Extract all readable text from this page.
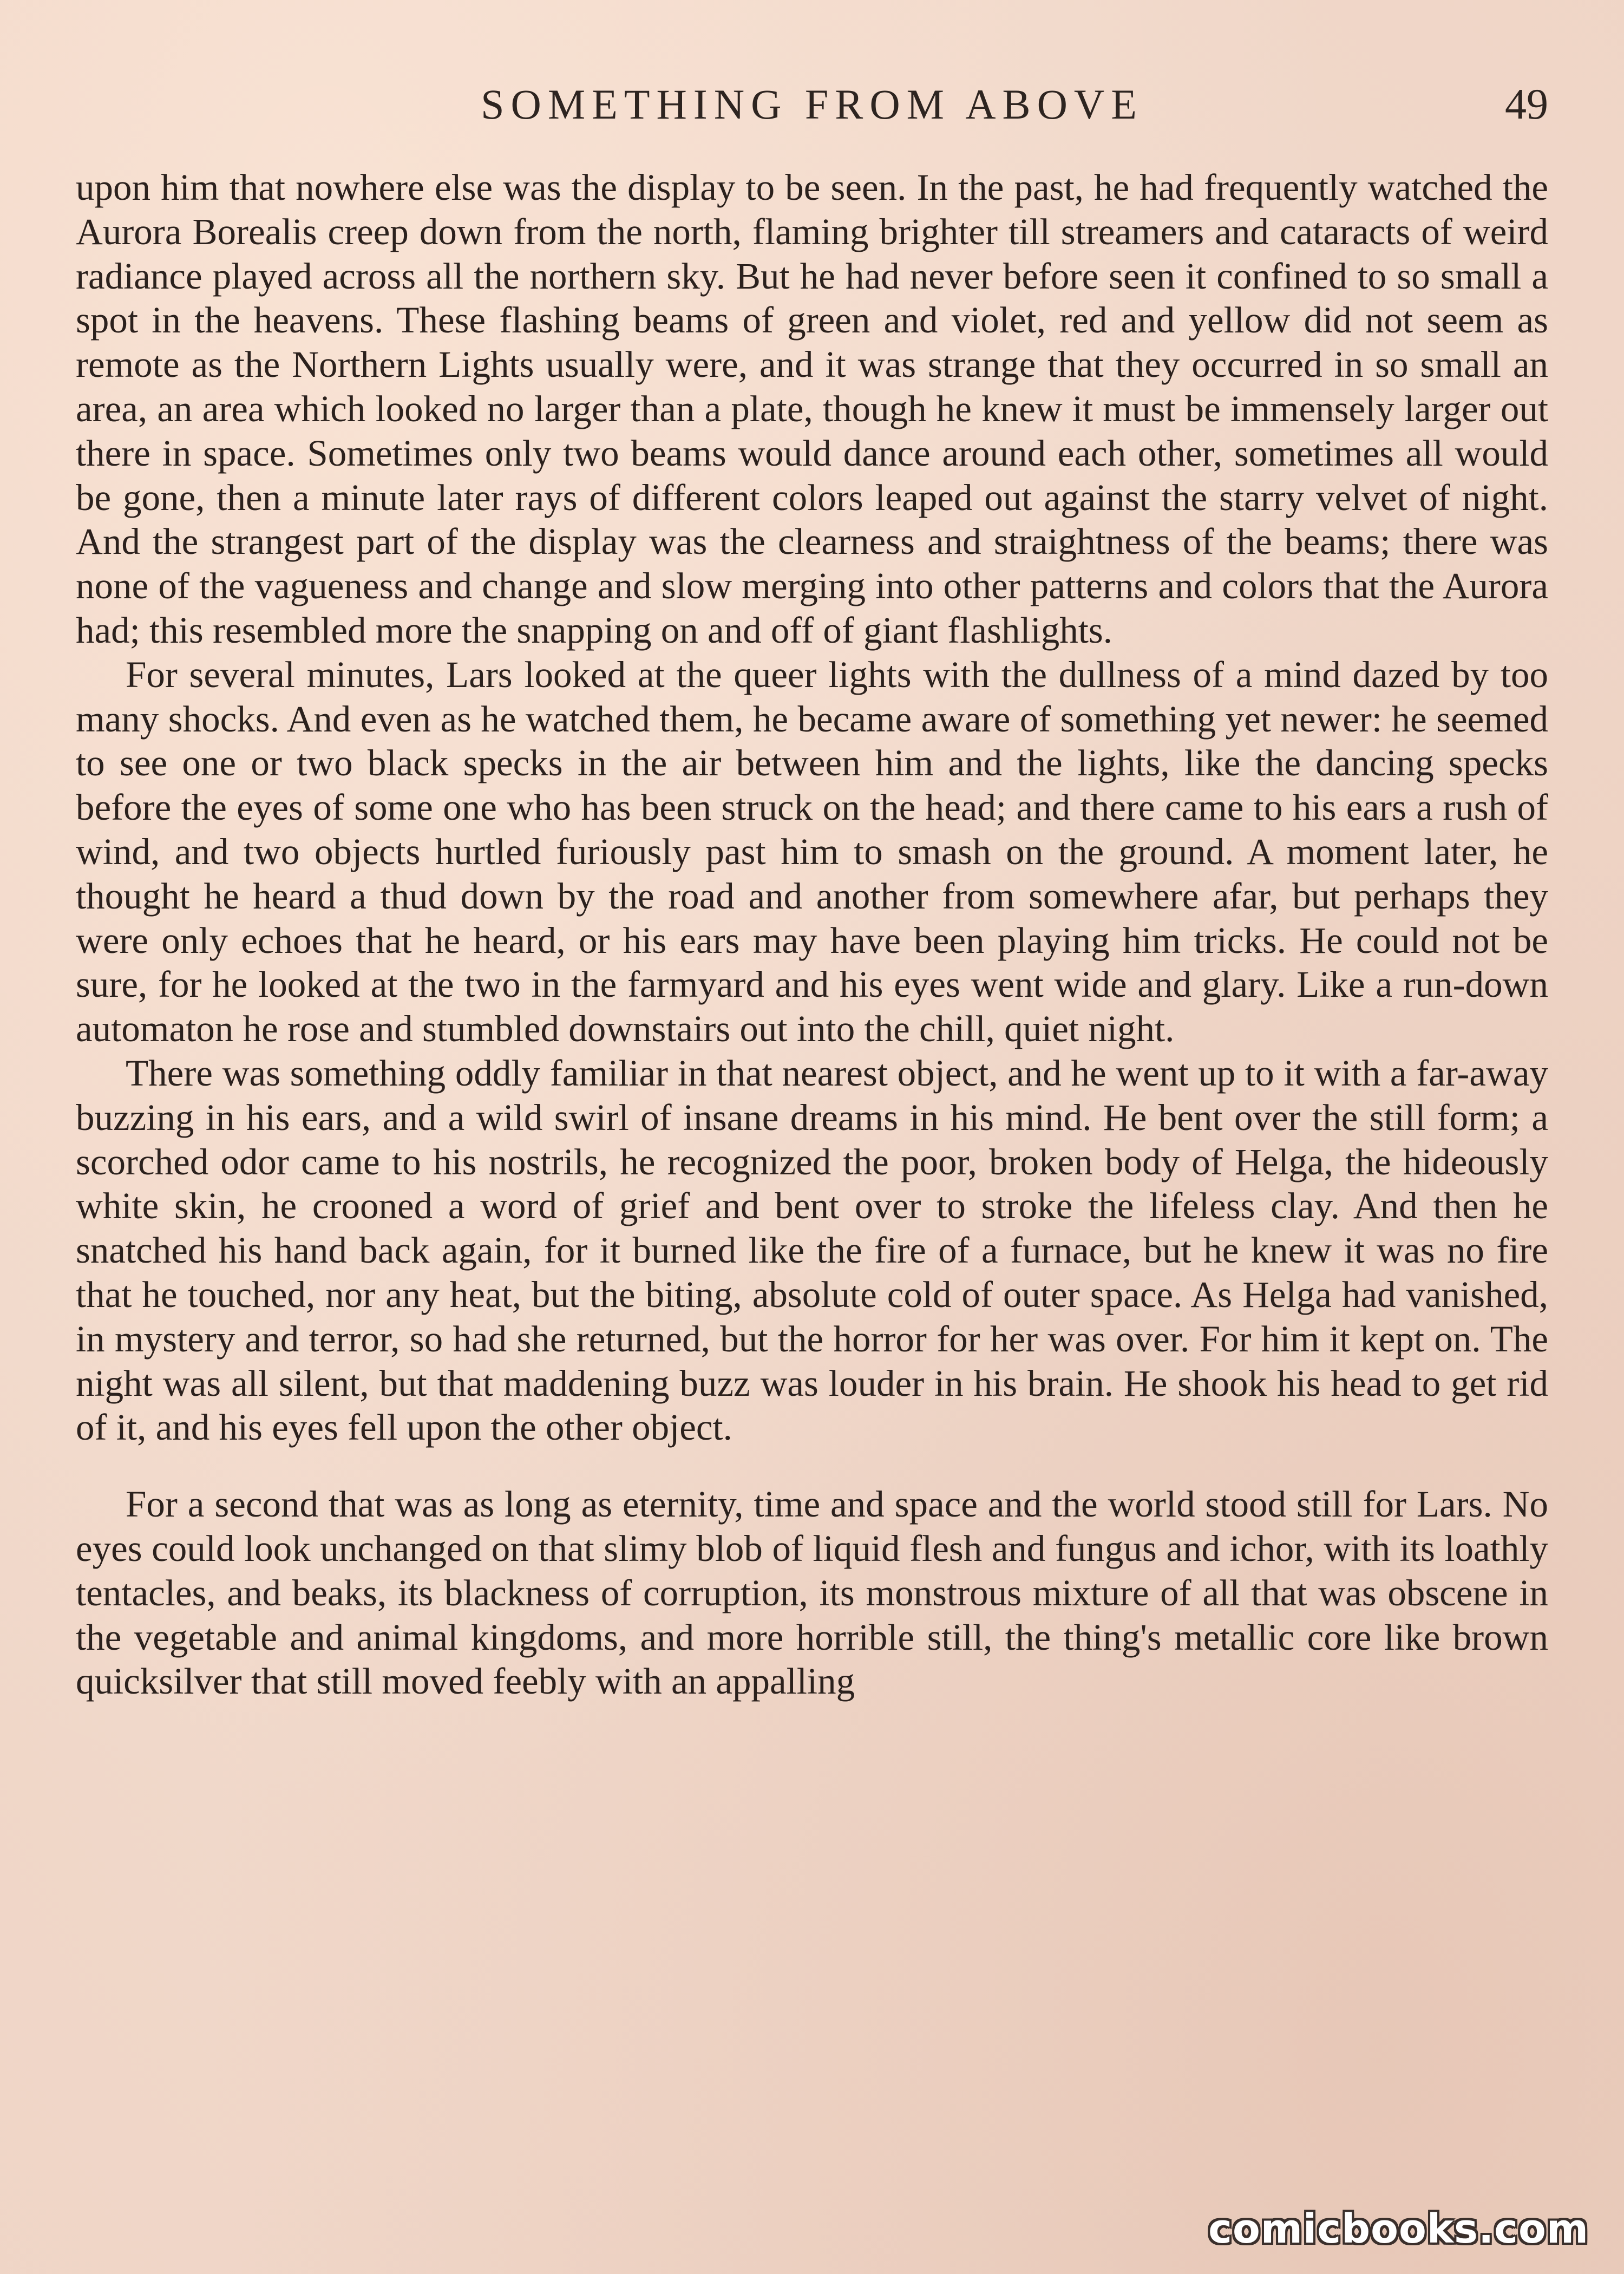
SOMETHING FROM ABOVE	49

upon him that nowhere else was the display to be seen. In the past, he had frequently watched the Aurora Borealis creep down from the north, flaming brighter till streamers and cataracts of weird radiance played across all the northern sky. But he had never before seen it confined to so small a spot in the heavens. These flashing beams of green and violet, red and yellow did not seem as remote as the Northern Lights usually were, and it was strange that they occurred in so small an area, an area which looked no larger than a plate, though he knew it must be immensely larger out there in space. Sometimes only two beams would dance around each other, sometimes all would be gone, then a minute later rays of different colors leaped out against the starry velvet of night. And the strangest part of the display was the clearness and straightness of the beams; there was none of the vagueness and change and slow merging into other patterns and colors that the Aurora had; this resembled more the snapping on and off of giant flashlights.

For several minutes, Lars looked at the queer lights with the dullness of a mind dazed by too many shocks. And even as he watched them, he became aware of something yet newer: he seemed to see one or two black specks in the air between him and the lights, like the dancing specks before the eyes of some one who has been struck on the head; and there came to his ears a rush of wind, and two objects hurtled furiously past him to smash on the ground. A moment later, he thought he heard a thud down by the road and another from somewhere afar, but perhaps they were only echoes that he heard, or his ears may have been playing him tricks. He could not be sure, for he looked at the two in the farmyard and his eyes went wide and glary. Like a run-down automaton he rose and stumbled downstairs out into the chill, quiet night.

There was something oddly familiar in that nearest object, and he went up to it with a far-away buzzing in his ears, and a wild swirl of insane dreams in his mind. He bent over the still form; a scorched odor came to his nostrils, he recognized the poor, broken body of Helga, the hideously white skin, he crooned a word of grief and bent over to stroke the lifeless clay. And then he snatched his hand back again, for it burned like the fire of a furnace, but he knew it was no fire that he touched, nor any heat, but the biting, absolute cold of outer space. As Helga had vanished, in mystery and terror, so had she returned, but the horror for her was over. For him it kept on. The night was all silent, but that maddening buzz was louder in his brain. He shook his head to get rid of it, and his eyes fell upon the other object.

For a second that was as long as eternity, time and space and the world stood still for Lars. No eyes could look unchanged on that slimy blob of liquid flesh and fungus and ichor, with its loathly tentacles, and beaks, its blackness of corruption, its monstrous mixture of all that was obscene in the vegetable and animal kingdoms, and more horrible still, the thing's metallic core like brown quicksilver that still moved feebly with an appalling

comicbooks.com
